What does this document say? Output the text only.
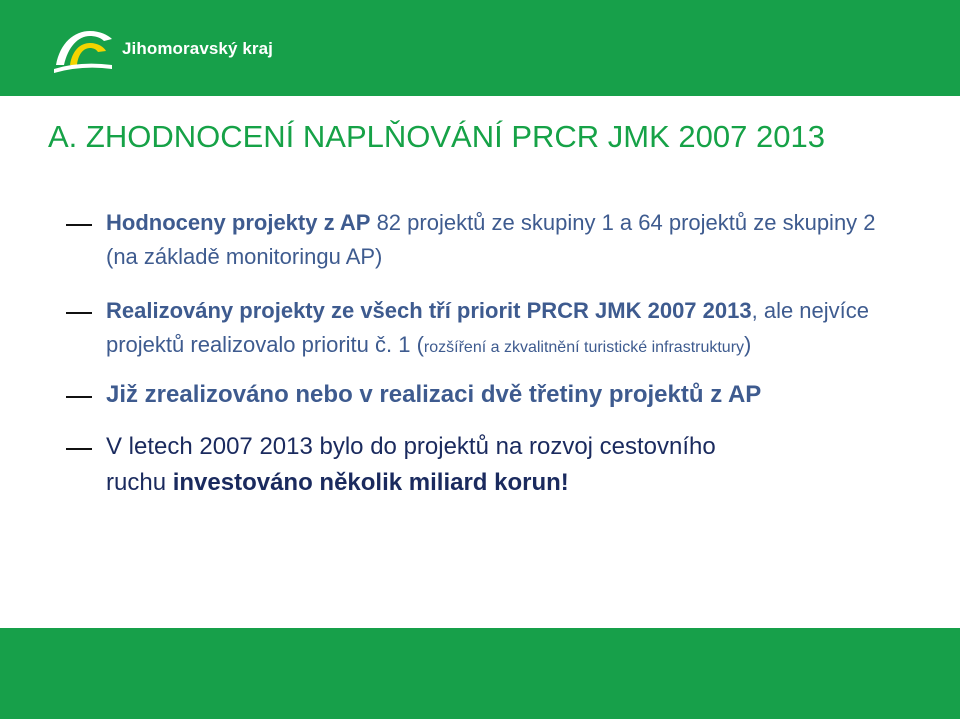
Jihomoravský kraj
A. ZHODNOCENÍ NAPLŇOVÁNÍ PRCR JMK 2007 2013
Hodnoceny projekty z AP 82 projektů ze skupiny 1 a 64 projektů ze skupiny 2 (na základě monitoringu AP)
Realizovány projekty ze všech tří priorit PRCR JMK 2007 2013, ale nejvíce projektů realizovalo prioritu č. 1 (rozšíření a zkvalitnění turistické infrastruktury)
Již zrealizováno nebo v realizaci dvě třetiny projektů z AP
V letech 2007 2013 bylo do projektů na rozvoj cestovního
ruchu investováno několik miliard korun!
